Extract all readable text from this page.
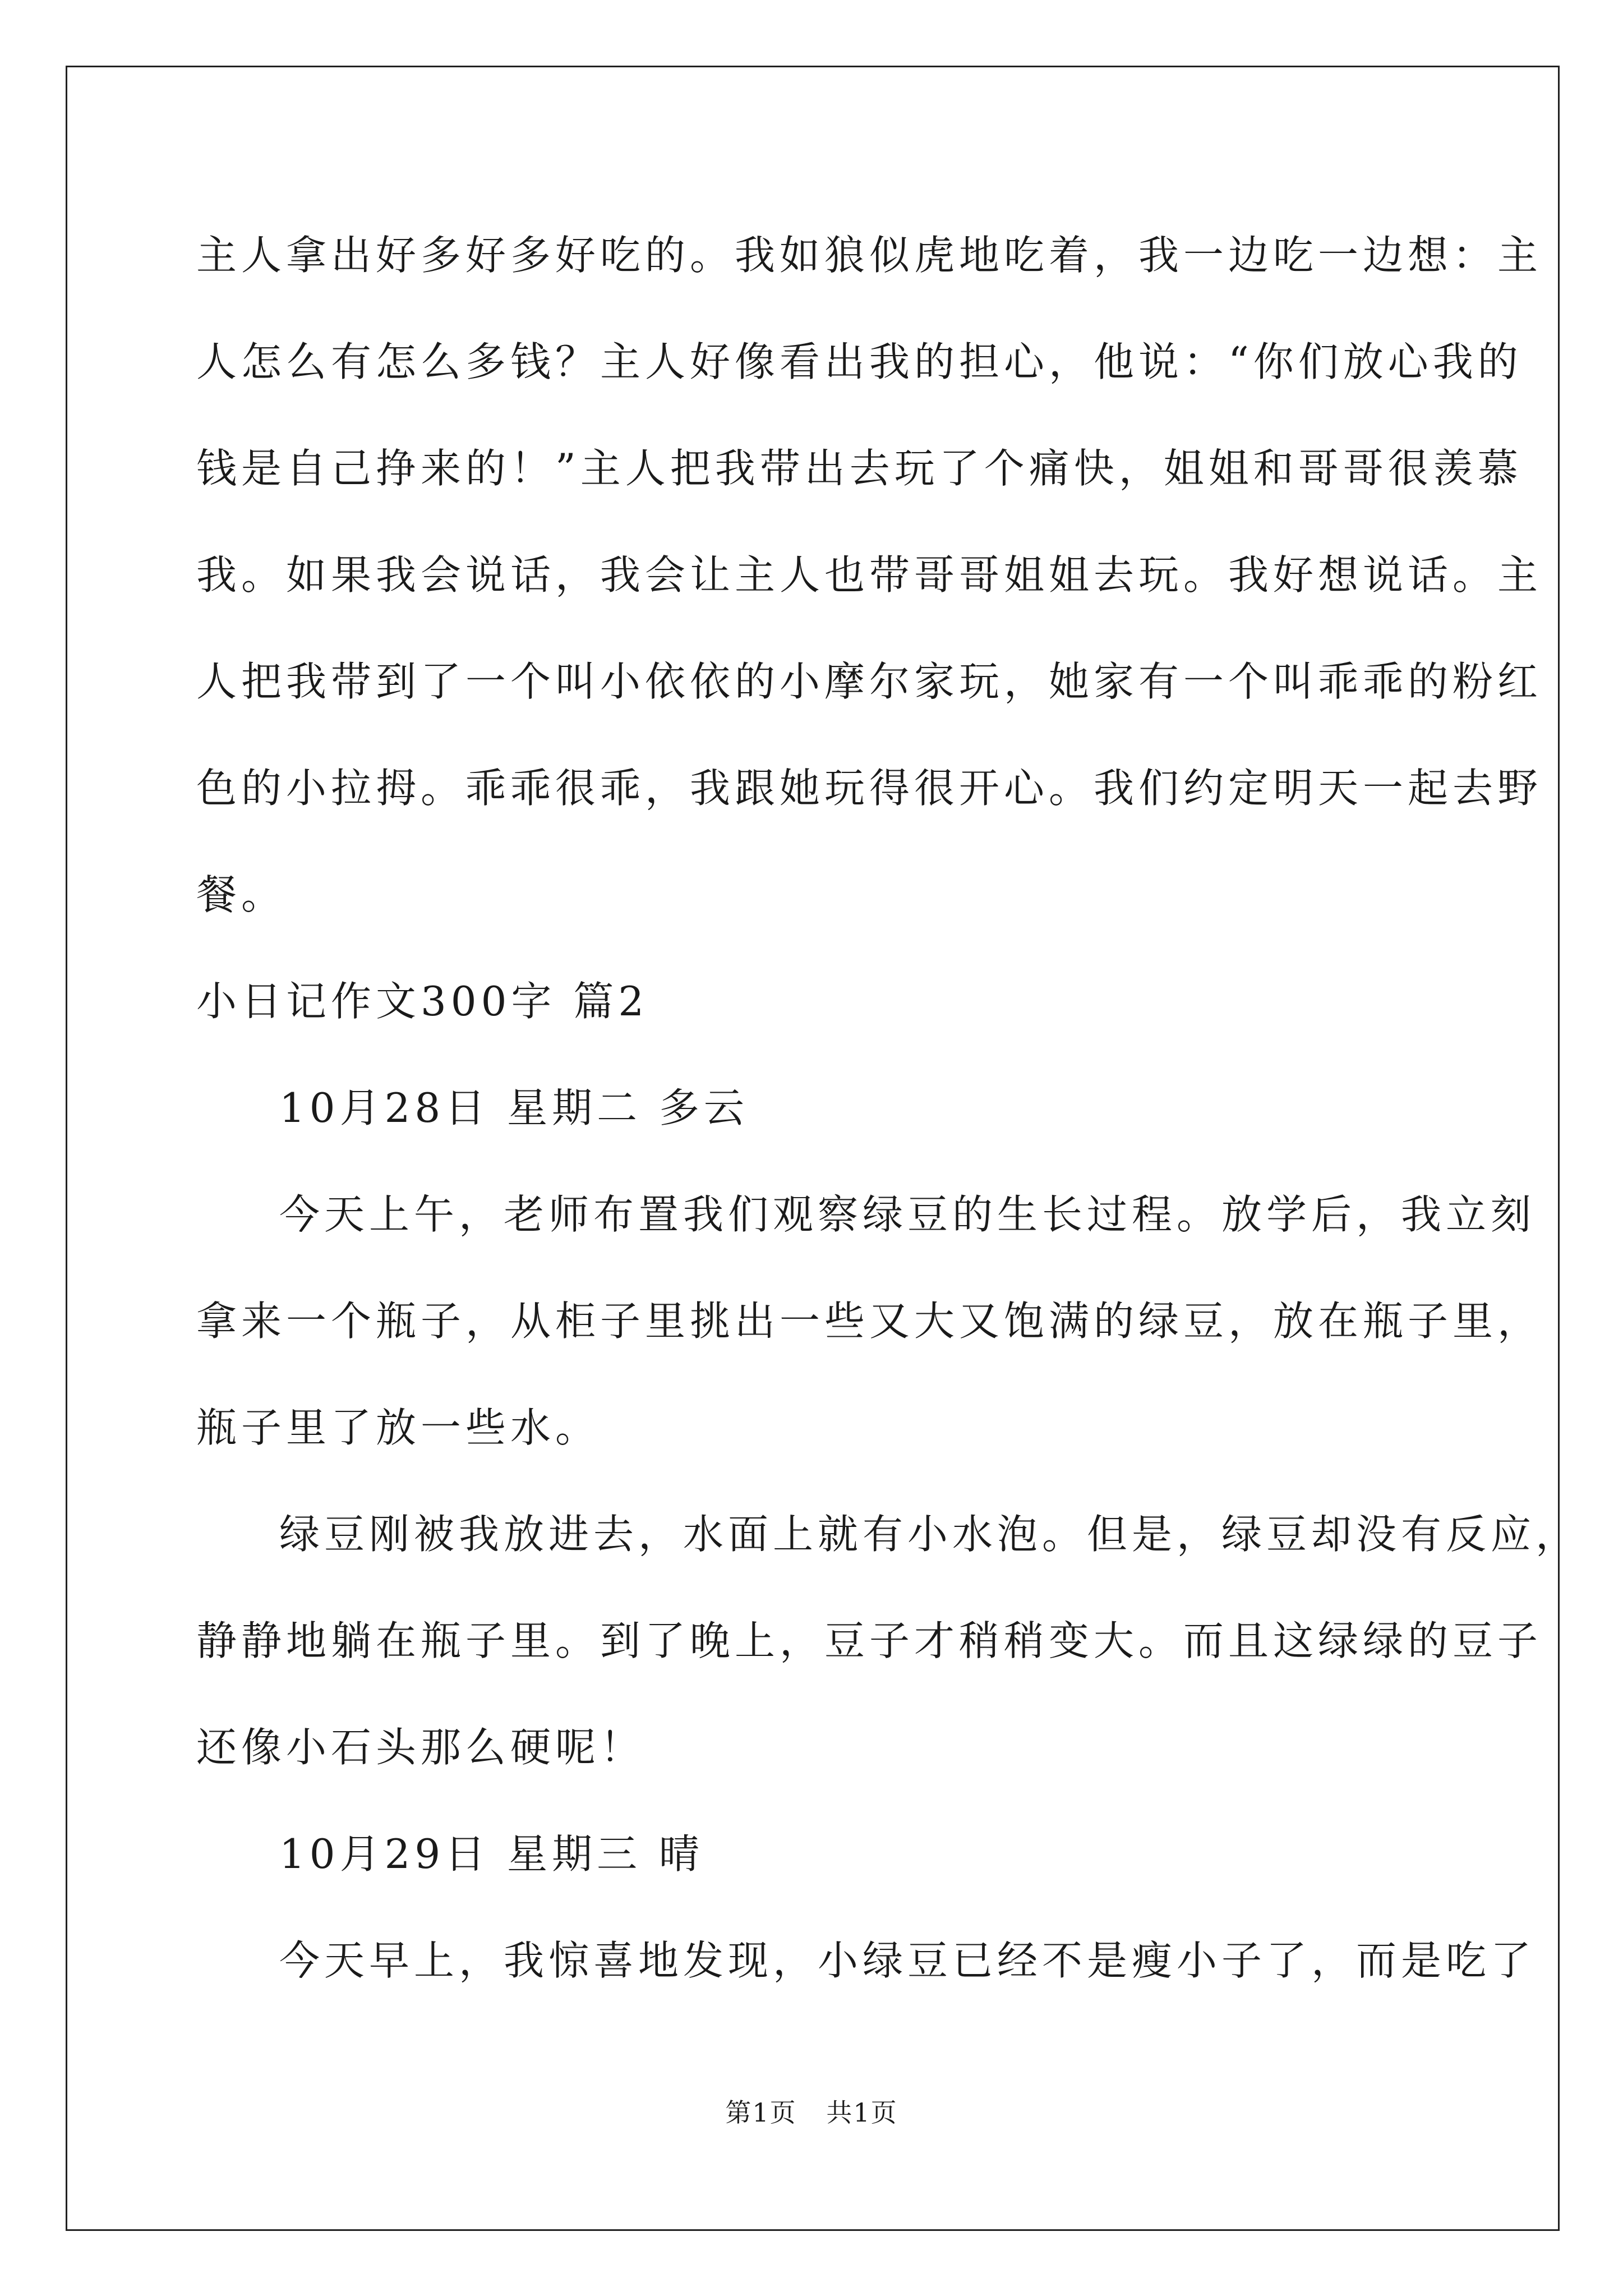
主人拿出好多好多好吃的。我如狼似虎地吃着，我一边吃一边想：主
人怎么有怎么多钱？主人好像看出我的担心，他说：“你们放心我的
钱是自己挣来的！”主人把我带出去玩了个痛快，姐姐和哥哥很羡慕
我。如果我会说话，我会让主人也带哥哥姐姐去玩。我好想说话。主
人把我带到了一个叫小依依的小摩尔家玩，她家有一个叫乖乖的粉红
色的小拉拇。乖乖很乖，我跟她玩得很开心。我们约定明天一起去野
餐。
小日记作文300字 篇2
10月28日 星期二 多云
今天上午，老师布置我们观察绿豆的生长过程。放学后，我立刻
拿来一个瓶子，从柜子里挑出一些又大又饱满的绿豆，放在瓶子里，
瓶子里了放一些水。
绿豆刚被我放进去，水面上就有小水泡。但是，绿豆却没有反应，
静静地躺在瓶子里。到了晚上，豆子才稍稍变大。而且这绿绿的豆子
还像小石头那么硬呢！
10月29日 星期三 晴
今天早上，我惊喜地发现，小绿豆已经不是瘦小子了，而是吃了
第1页 共1页
